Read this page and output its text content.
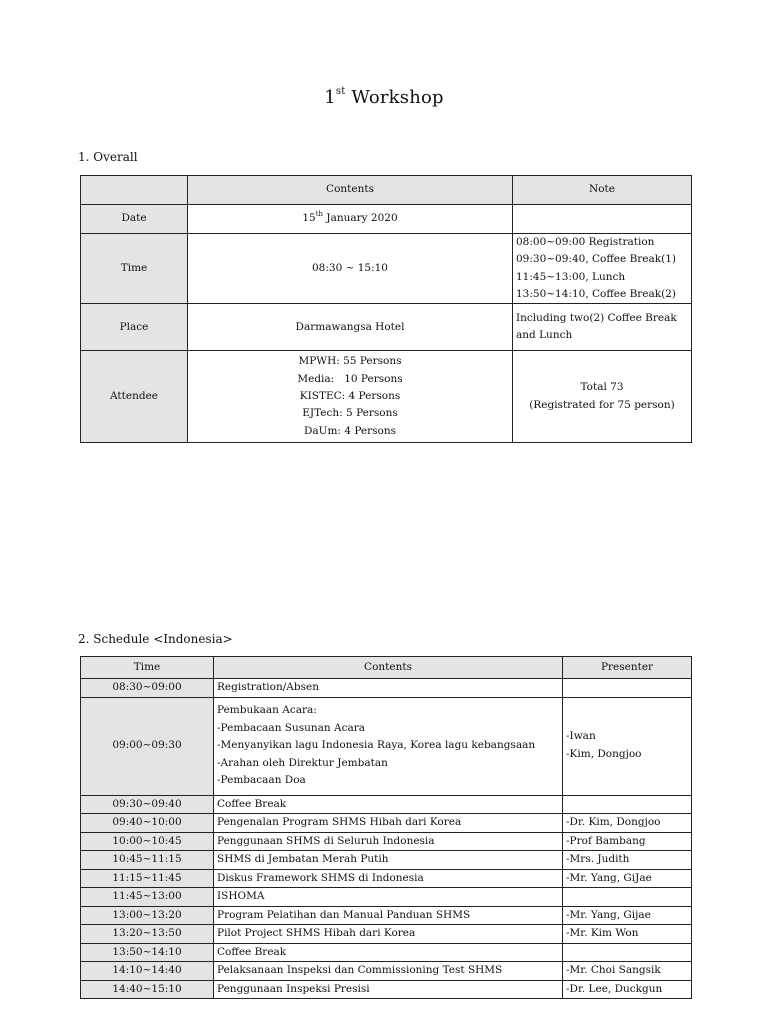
1st Workshop
1. Overall
	Contents	Note
Date	15th January 2020	
Time	08:30 ~ 15:10	08:00~09:00 Registration
09:30~09:40, Coffee Break(1)
11:45~13:00, Lunch
13:50~14:10, Coffee Break(2)

Place	Darmawangsa Hotel	Including two(2) Coffee Break
and Lunch

Attendee	MPWH: 55 Persons
Media:   10 Persons
KISTEC: 4 Persons
EJTech: 5 Persons
DaUm: 4 Persons	Total 73
(Registrated for 75 person)
2. Schedule <Indonesia>
Time	Contents	Presenter
08:30~09:00	Registration/Absen	
09:00~09:30	Pembukaan Acara:
-Pembacaan Susunan Acara
-Menyanyikan lagu Indonesia Raya, Korea lagu kebangsaan
-Arahan oleh Direktur Jembatan
-Pembacaan Doa	-Iwan
-Kim, Dongjoo

09:30~09:40	Coffee Break	
09:40~10:00	Pengenalan Program SHMS Hibah dari Korea	-Dr. Kim, Dongjoo
10:00~10:45	Penggunaan SHMS di Seluruh Indonesia	-Prof Bambang
10:45~11:15	SHMS di Jembatan Merah Putih	-Mrs. Judith
11:15~11:45	Diskus Framework SHMS di Indonesia	-Mr. Yang, GiJae
11:45~13:00	ISHOMA	
13:00~13:20	Program Pelatihan dan Manual Panduan SHMS	-Mr. Yang, Gijae
13:20~13:50	Pilot Project SHMS Hibah dari Korea	-Mr. Kim Won
13:50~14:10	Coffee Break	
14:10~14:40	Pelaksanaan Inspeksi dan Commissioning Test SHMS	-Mr. Choi Sangsik
14:40~15:10	Penggunaan Inspeksi Presisi	-Dr. Lee, Duckgun
